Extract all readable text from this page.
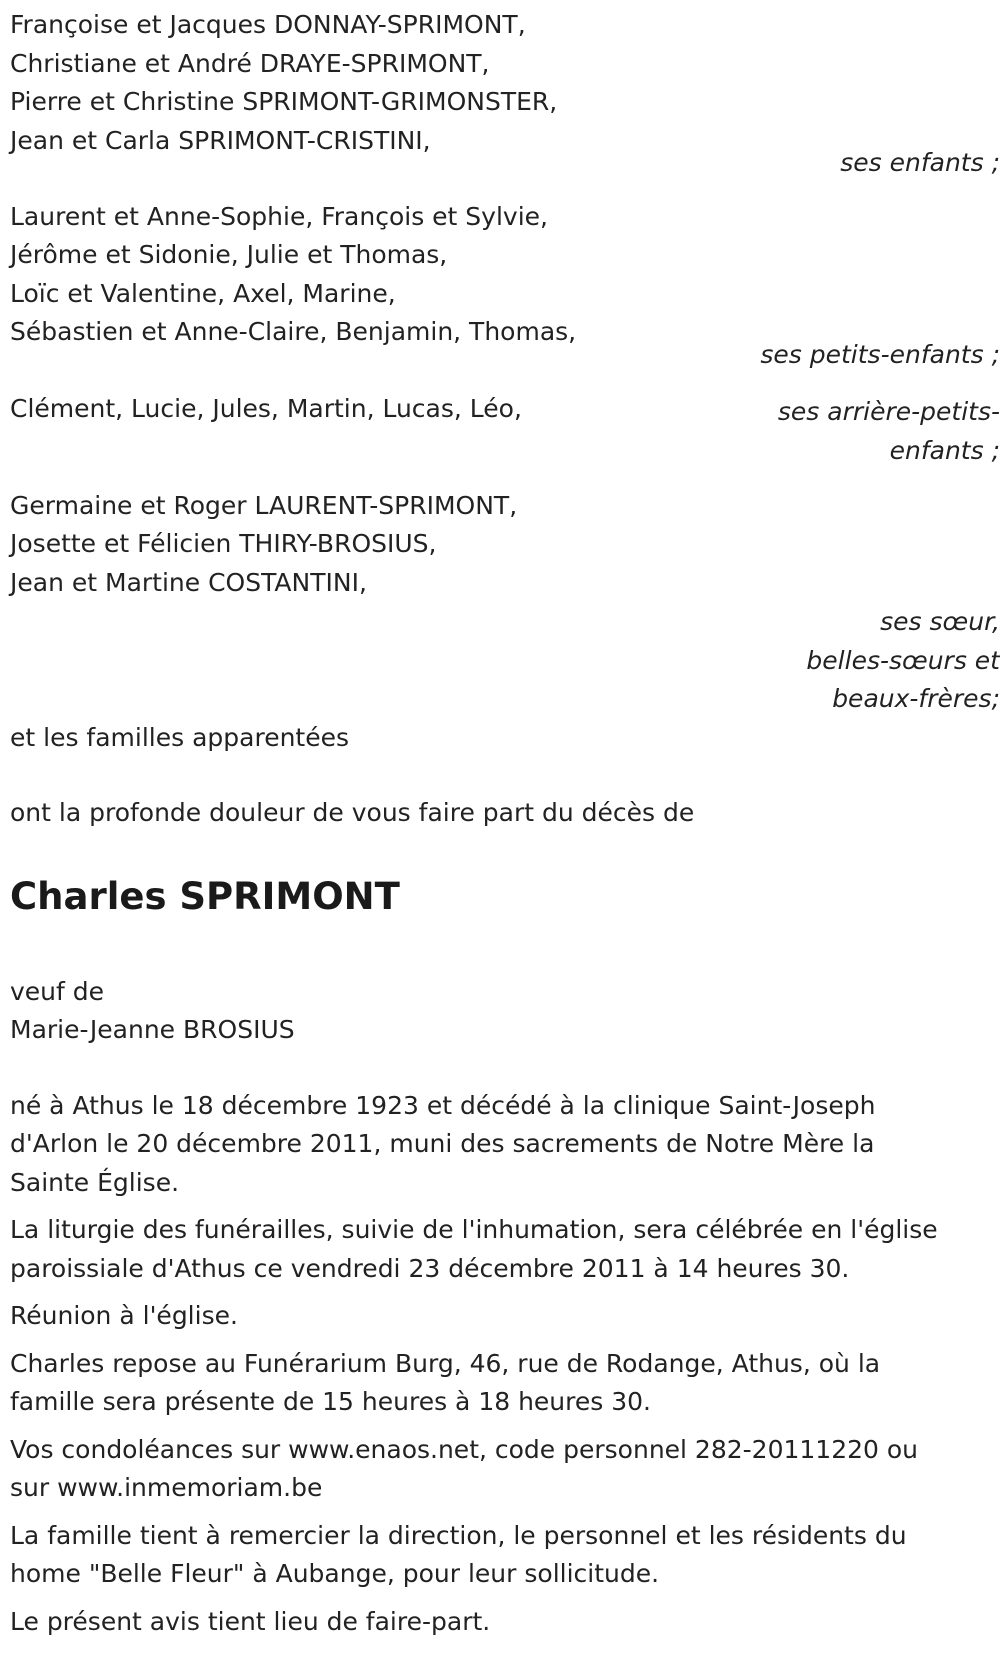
Françoise et Jacques DONNAY-SPRIMONT,
Christiane et André DRAYE-SPRIMONT,
Pierre et Christine SPRIMONT-GRIMONSTER,
Jean et Carla SPRIMONT-CRISTINI,
ses enfants ;
Laurent et Anne-Sophie, François et Sylvie,
Jérôme et Sidonie, Julie et Thomas,
Loïc et Valentine, Axel, Marine,
Sébastien et Anne-Claire, Benjamin, Thomas,
ses petits-enfants ;
Clément, Lucie, Jules, Martin, Lucas, Léo,	ses arrière-petits-
enfants ;
Germaine et Roger LAURENT-SPRIMONT,
Josette et Félicien THIRY-BROSIUS,
Jean et Martine COSTANTINI,
ses sœur,
belles-sœurs et
beaux-frères;
et les familles apparentées
ont la profonde douleur de vous faire part du décès de
Charles SPRIMONT
veuf de
Marie-Jeanne BROSIUS
né à Athus le 18 décembre 1923 et décédé à la clinique Saint-Joseph
d'Arlon le 20 décembre 2011, muni des sacrements de Notre Mère la
Sainte Église.
La liturgie des funérailles, suivie de l'inhumation, sera célébrée en l'église
paroissiale d'Athus ce vendredi 23 décembre 2011 à 14 heures 30.
Réunion à l'église.
Charles repose au Funérarium Burg, 46, rue de Rodange, Athus, où la
famille sera présente de 15 heures à 18 heures 30.
Vos condoléances sur www.enaos.net, code personnel 282-20111220 ou
sur www.inmemoriam.be
La famille tient à remercier la direction, le personnel et les résidents du
home "Belle Fleur" à Aubange, pour leur sollicitude.
Le présent avis tient lieu de faire-part.
